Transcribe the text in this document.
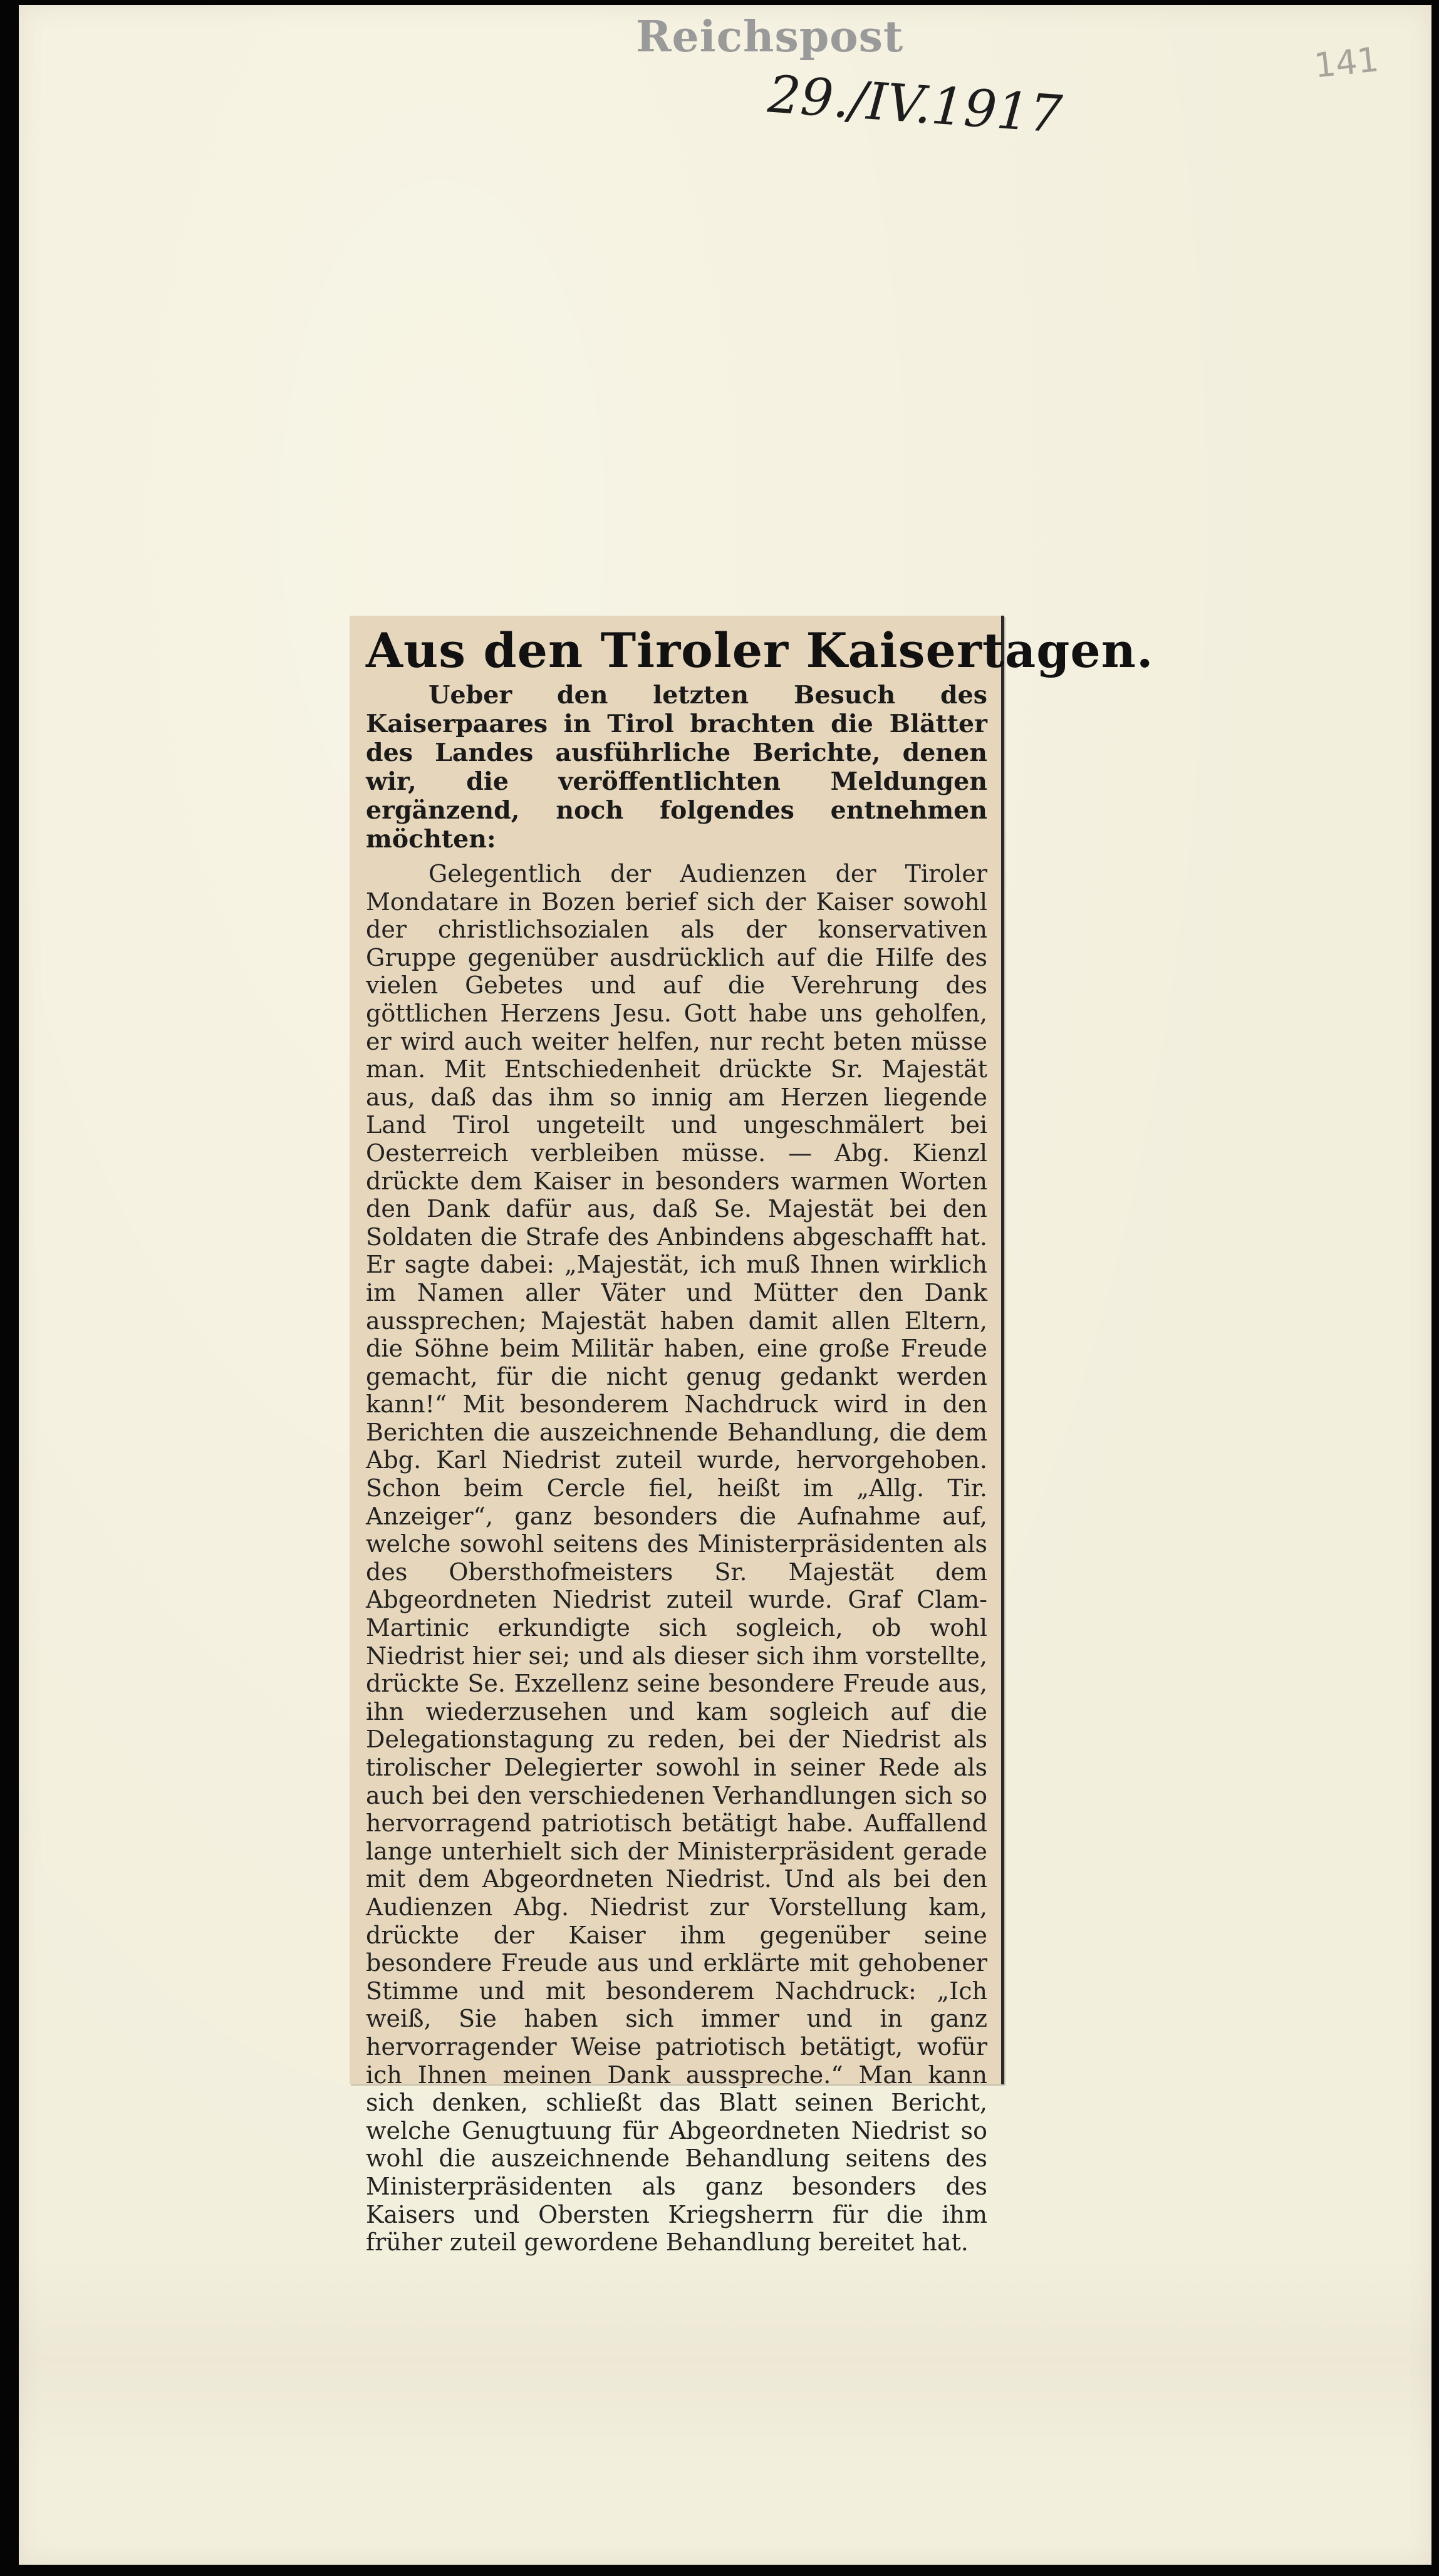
Reichspost
29./IV.1917
141
Aus den Tiroler Kaisertagen.

Ueber den letzten Besuch des Kaiserpaares in Tirol brachten die Blätter des Landes ausführliche Berichte, denen wir, die veröffentlichten Meldungen ergänzend, noch folgendes entnehmen möchten:

Gelegentlich der Audienzen der Tiroler Mondatare in Bozen berief sich der Kaiser sowohl der christlichsozialen als der konservativen Gruppe gegenüber ausdrücklich auf die Hilfe des vielen Gebetes und auf die Verehrung des göttlichen Herzens Jesu. Gott habe uns geholfen, er wird auch weiter helfen, nur recht beten müsse man. Mit Entschiedenheit drückte Sr. Majestät aus, daß das ihm so innig am Herzen liegende Land Tirol ungeteilt und ungeschmälert bei Oesterreich verbleiben müsse. — Abg. Kienzl drückte dem Kaiser in besonders warmen Worten den Dank dafür aus, daß Se. Majestät bei den Soldaten die Strafe des Anbindens abgeschafft hat. Er sagte dabei: „Majestät, ich muß Ihnen wirklich im Namen aller Väter und Mütter den Dank aussprechen; Majestät haben damit allen Eltern, die Söhne beim Militär haben, eine große Freude gemacht, für die nicht genug gedankt werden kann!“ Mit besonderem Nachdruck wird in den Berichten die auszeichnende Behandlung, die dem Abg. Karl Niedrist zuteil wurde, hervorgehoben. Schon beim Cercle fiel, heißt im „Allg. Tir. Anzeiger“, ganz besonders die Aufnahme auf, welche sowohl seitens des Ministerpräsidenten als des Obersthofmeisters Sr. Majestät dem Abgeordneten Niedrist zuteil wurde. Graf Clam-Martinic erkundigte sich sogleich, ob wohl Niedrist hier sei; und als dieser sich ihm vorstellte, drückte Se. Exzellenz seine besondere Freude aus, ihn wiederzusehen und kam sogleich auf die Delegationstagung zu reden, bei der Niedrist als tirolischer Delegierter sowohl in seiner Rede als auch bei den verschiedenen Verhandlungen sich so hervorragend patriotisch betätigt habe. Auffallend lange unterhielt sich der Ministerpräsident gerade mit dem Abgeordneten Niedrist. Und als bei den Audienzen Abg. Niedrist zur Vorstellung kam, drückte der Kaiser ihm gegenüber seine besondere Freude aus und erklärte mit gehobener Stimme und mit besonderem Nachdruck: „Ich weiß, Sie haben sich immer und in ganz hervorragender Weise patriotisch betätigt, wofür ich Ihnen meinen Dank ausspreche.“ Man kann sich denken, schließt das Blatt seinen Bericht, welche Genugtuung für Abgeordneten Niedrist so wohl die auszeichnende Behandlung seitens des Ministerpräsidenten als ganz besonders des Kaisers und Obersten Kriegsherrn für die ihm früher zuteil gewordene Behandlung bereitet hat.
